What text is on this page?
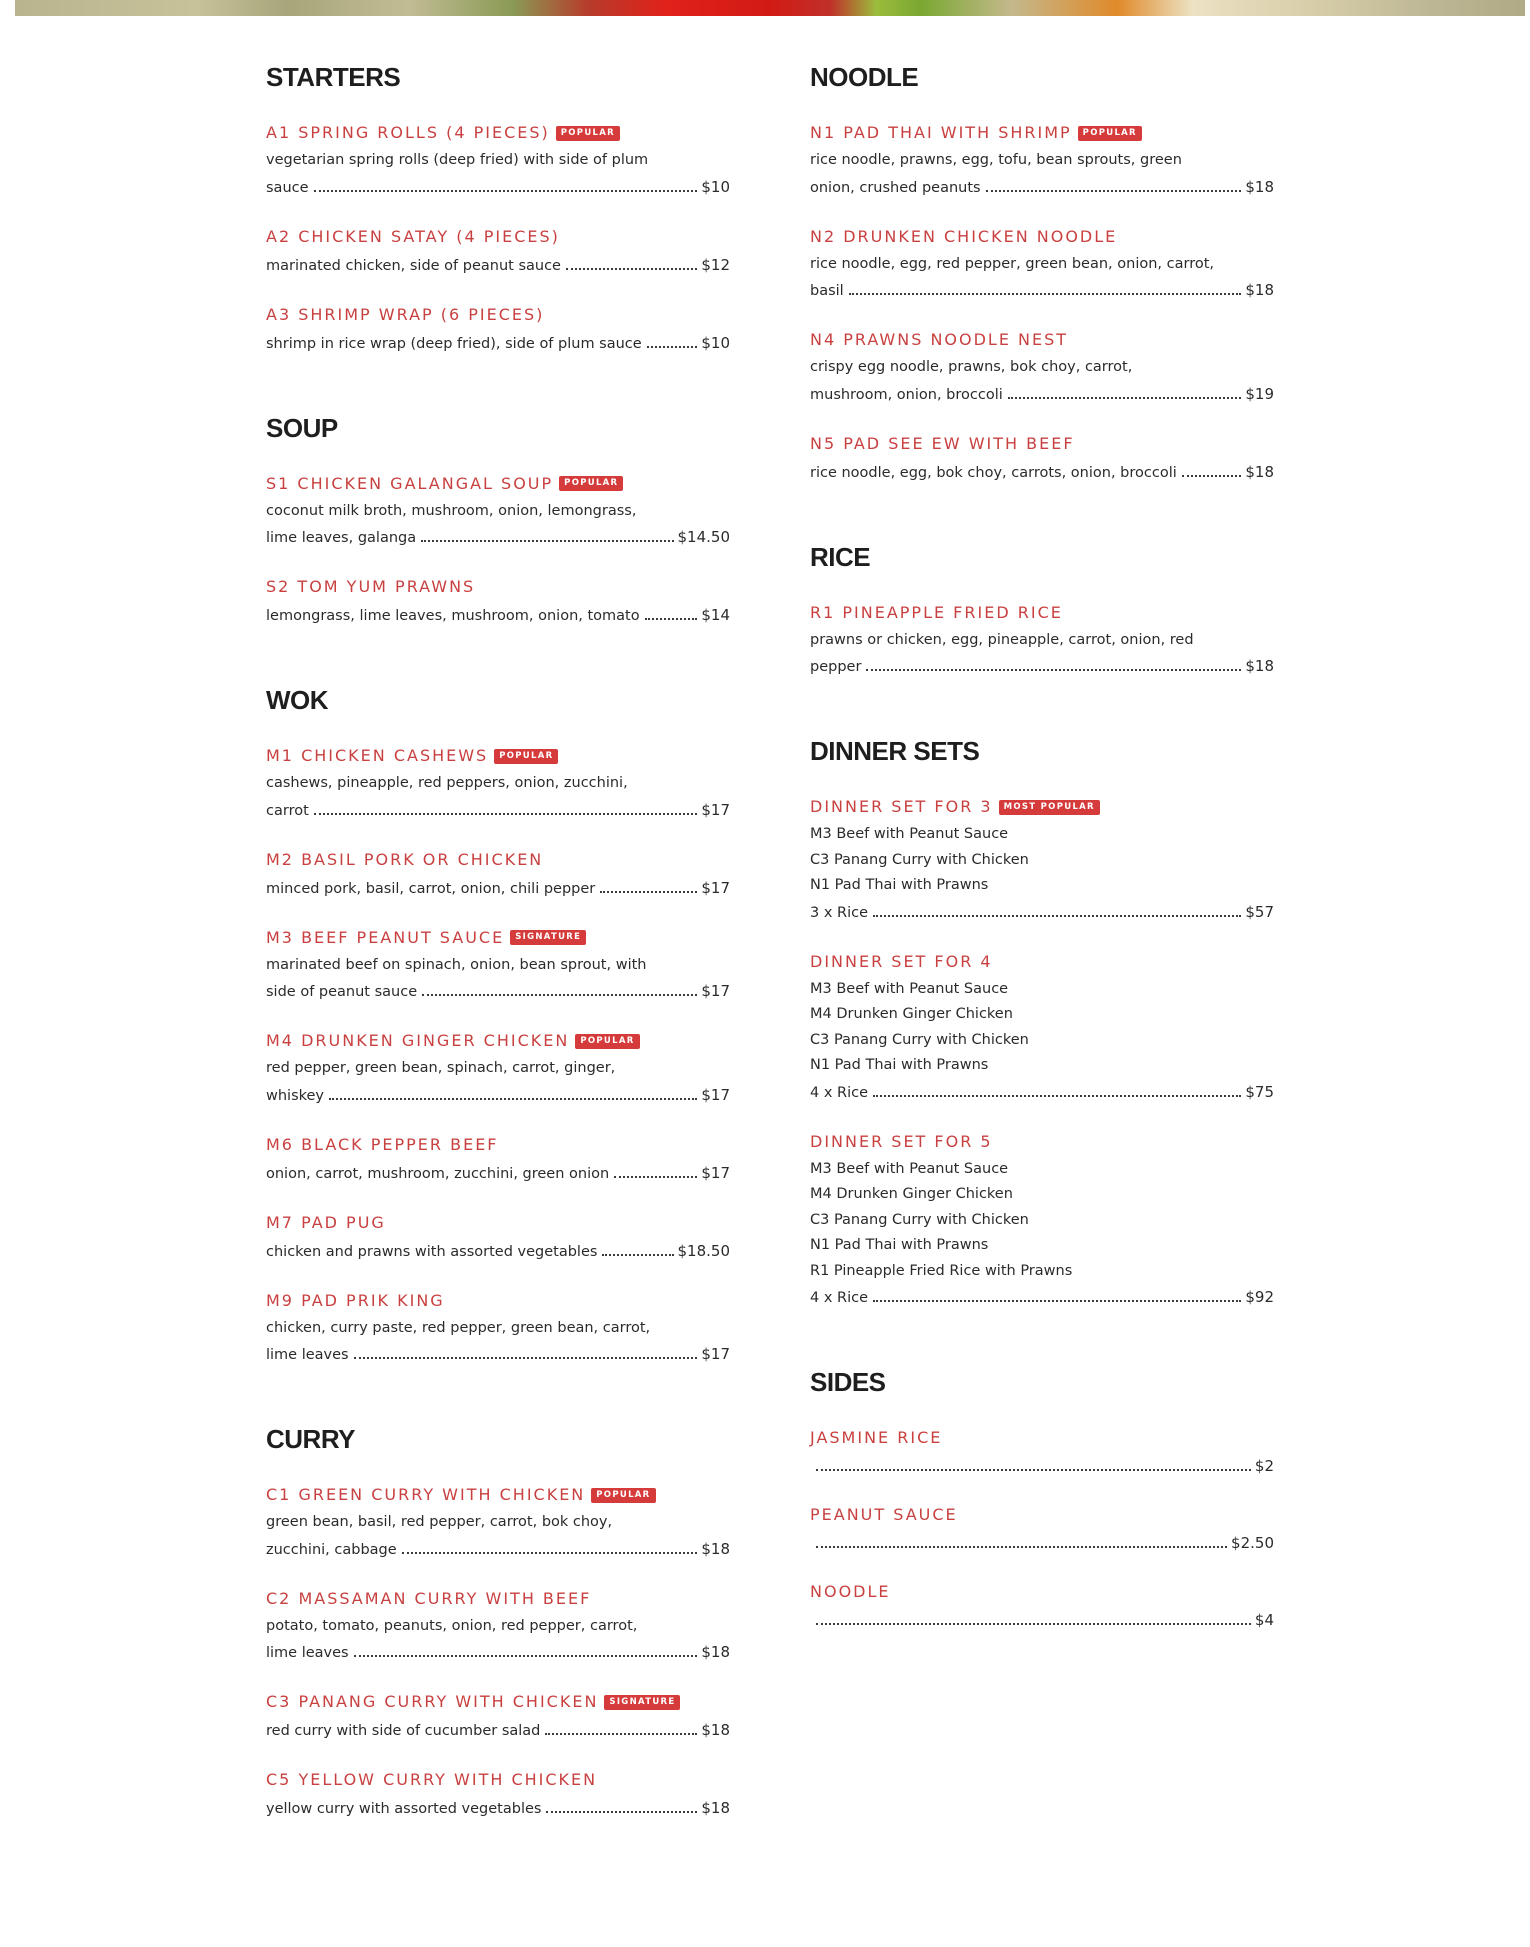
STARTERS
A1 SPRING ROLLS (4 PIECES)	POPULAR
vegetarian spring rolls (deep fried) with side of plum
sauce	$10
A2 CHICKEN SATAY (4 PIECES)
marinated chicken, side of peanut sauce	$12
A3 SHRIMP WRAP (6 PIECES)
shrimp in rice wrap (deep fried), side of plum sauce	$10
SOUP
S1 CHICKEN GALANGAL SOUP	POPULAR
coconut milk broth, mushroom, onion, lemongrass,
lime leaves, galanga	$14.50
S2 TOM YUM PRAWNS
lemongrass, lime leaves, mushroom, onion, tomato	$14
WOK
M1 CHICKEN CASHEWS	POPULAR
cashews, pineapple, red peppers, onion, zucchini,
carrot	$17
M2 BASIL PORK OR CHICKEN
minced pork, basil, carrot, onion, chili pepper	$17
M3 BEEF PEANUT SAUCE	SIGNATURE
marinated beef on spinach, onion, bean sprout, with
side of peanut sauce	$17
M4 DRUNKEN GINGER CHICKEN	POPULAR
red pepper, green bean, spinach, carrot, ginger,
whiskey	$17
M6 BLACK PEPPER BEEF
onion, carrot, mushroom, zucchini, green onion	$17
M7 PAD PUG
chicken and prawns with assorted vegetables	$18.50
M9 PAD PRIK KING
chicken, curry paste, red pepper, green bean, carrot,
lime leaves	$17
CURRY
C1 GREEN CURRY WITH CHICKEN	POPULAR
green bean, basil, red pepper, carrot, bok choy,
zucchini, cabbage	$18
C2 MASSAMAN CURRY WITH BEEF
potato, tomato, peanuts, onion, red pepper, carrot,
lime leaves	$18
C3 PANANG CURRY WITH CHICKEN	SIGNATURE
red curry with side of cucumber salad	$18
C5 YELLOW CURRY WITH CHICKEN
yellow curry with assorted vegetables	$18
NOODLE
N1 PAD THAI WITH SHRIMP	POPULAR
rice noodle, prawns, egg, tofu, bean sprouts, green
onion, crushed peanuts	$18
N2 DRUNKEN CHICKEN NOODLE
rice noodle, egg, red pepper, green bean, onion, carrot,
basil	$18
N4 PRAWNS NOODLE NEST
crispy egg noodle, prawns, bok choy, carrot,
mushroom, onion, broccoli	$19
N5 PAD SEE EW WITH BEEF
rice noodle, egg, bok choy, carrots, onion, broccoli	$18
RICE
R1 PINEAPPLE FRIED RICE
prawns or chicken, egg, pineapple, carrot, onion, red
pepper	$18
DINNER SETS
DINNER SET FOR 3	MOST POPULAR
M3 Beef with Peanut Sauce
C3 Panang Curry with Chicken
N1 Pad Thai with Prawns
3 x Rice	$57
DINNER SET FOR 4
M3 Beef with Peanut Sauce
M4 Drunken Ginger Chicken
C3 Panang Curry with Chicken
N1 Pad Thai with Prawns
4 x Rice	$75
DINNER SET FOR 5
M3 Beef with Peanut Sauce
M4 Drunken Ginger Chicken
C3 Panang Curry with Chicken
N1 Pad Thai with Prawns
R1 Pineapple Fried Rice with Prawns
4 x Rice	$92
SIDES
JASMINE RICE
$2
PEANUT SAUCE
$2.50
NOODLE
$4
